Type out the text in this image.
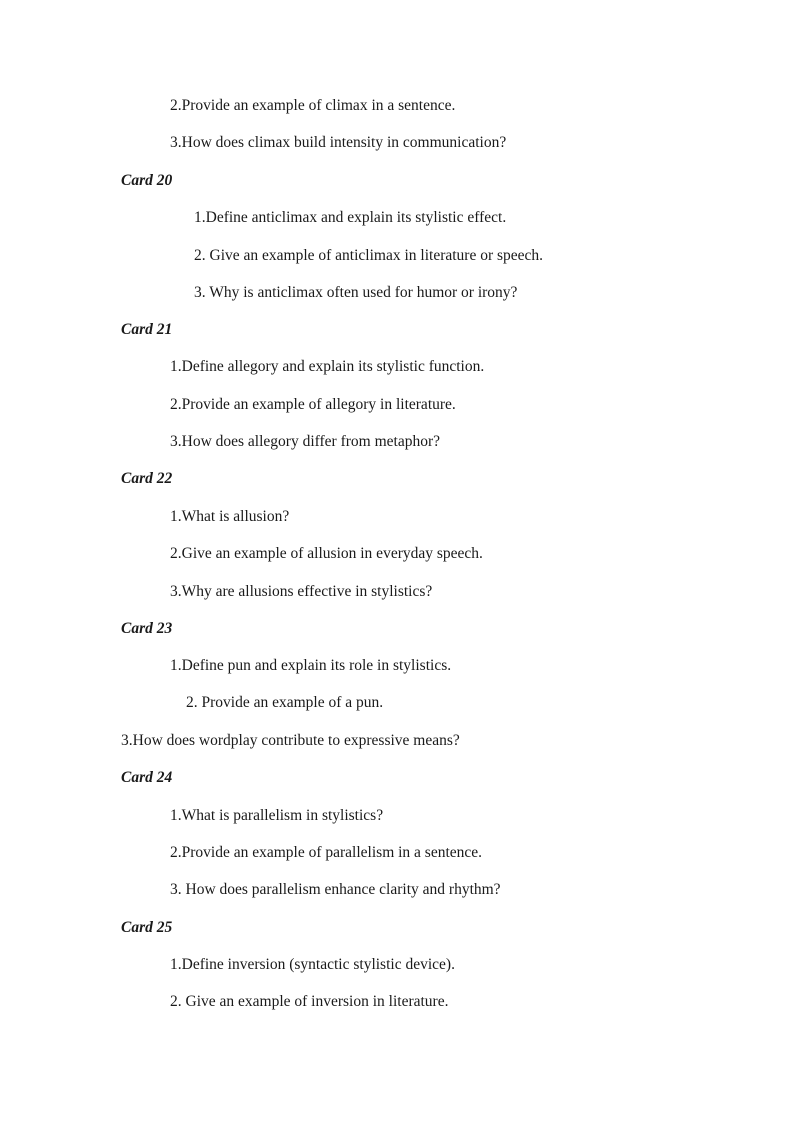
2.Provide an example of climax in a sentence.
3.How does climax build intensity in communication?
Card 20
1.Define anticlimax and explain its stylistic effect.
2. Give an example of anticlimax in literature or speech.
3. Why is anticlimax often used for humor or irony?
Card 21
1.Define allegory and explain its stylistic function.
2.Provide an example of allegory in literature.
3.How does allegory differ from metaphor?
Card 22
1.What is allusion?
2.Give an example of allusion in everyday speech.
3.Why are allusions effective in stylistics?
Card 23
1.Define pun and explain its role in stylistics.
2. Provide an example of a pun.
3.How does wordplay contribute to expressive means?
Card 24
1.What is parallelism in stylistics?
2.Provide an example of parallelism in a sentence.
3. How does parallelism enhance clarity and rhythm?
Card 25
1.Define inversion (syntactic stylistic device).
2. Give an example of inversion in literature.
